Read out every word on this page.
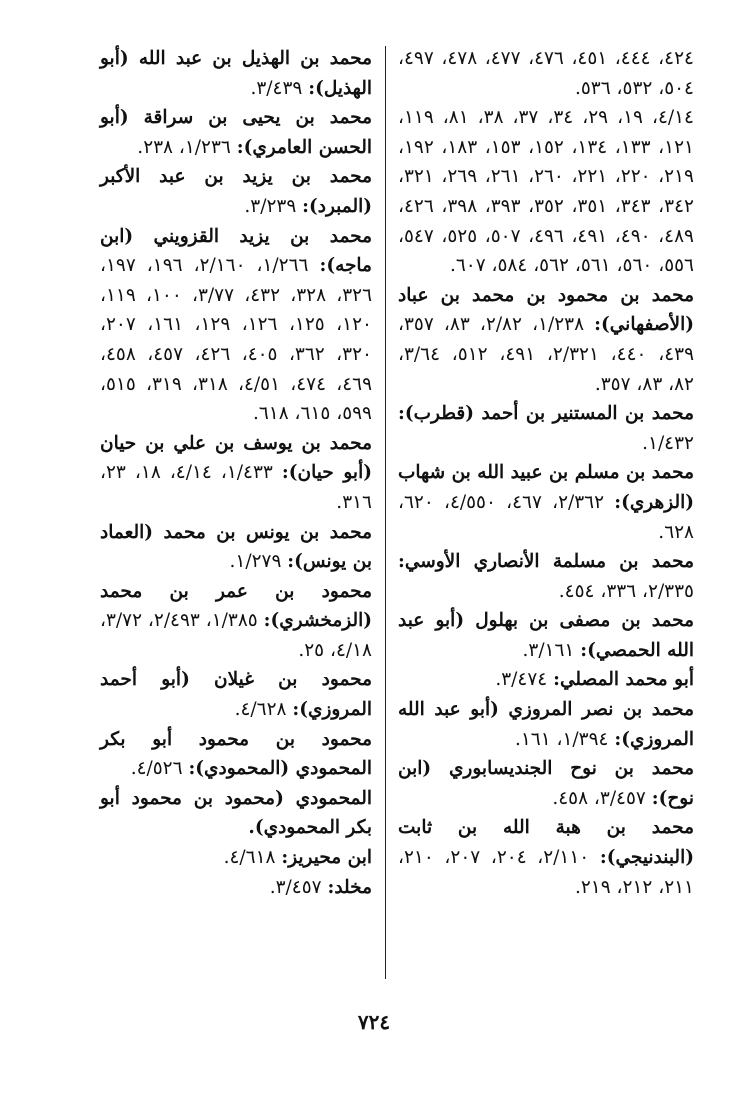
٤٢٤، ٤٤٤، ٤٥١، ٤٧٦، ٤٧٧، ٤٧٨، ٤٩٧، ٥٠٤، ٥٣٢، ٥٣٦.

٤/١٤، ١٩، ٢٩، ٣٤، ٣٧، ٣٨، ٨١، ١١٩، ١٢١، ١٣٣، ١٣٤، ١٥٢، ١٥٣، ١٨٣، ١٩٢، ٢١٩، ٢٢٠، ٢٢١، ٢٦٠، ٢٦١، ٢٦٩، ٣٢١، ٣٤٢، ٣٤٣، ٣٥١، ٣٥٢، ٣٩٣، ٣٩٨، ٤٢٦، ٤٨٩، ٤٩٠، ٤٩١، ٤٩٦، ٥٠٧، ٥٢٥، ٥٤٧، ٥٥٦، ٥٦٠، ٥٦١، ٥٦٢، ٥٨٤، ٦٠٧.

محمد بن محمود بن محمد بن عباد (الأصفهاني): ١/٢٣٨، ٢/٨٢، ٨٣، ٣٥٧، ٤٣٩، ٤٤٠، ٢/٣٢١، ٤٩١، ٥١٢، ٣/٦٤، ٨٢، ٨٣، ٣٥٧.

محمد بن المستنير بن أحمد (قطرب): ١/٤٣٢.

محمد بن مسلم بن عبيد الله بن شهاب (الزهري): ٢/٣٦٢، ٤٦٧، ٤/٥٥٠، ٦٢٠، ٦٢٨.

محمد بن مسلمة الأنصاري الأوسي: ٢/٣٣٥، ٣٣٦، ٤٥٤.

محمد بن مصفى بن بهلول (أبو عبد الله الحمصي): ٣/١٦١.

أبو محمد المصلي: ٣/٤٧٤.

محمد بن نصر المروزي (أبو عبد الله المروزي): ١/٣٩٤، ١٦١.

محمد بن نوح الجنديسابوري (ابن نوح): ٣/٤٥٧، ٤٥٨.

محمد بن هبة الله بن ثابت (البندنيجي): ٢/١١٠، ٢٠٤، ٢٠٧، ٢١٠، ٢١١، ٢١٢، ٢١٩.

محمد بن الهذيل بن عبد الله (أبو الهذيل): ٣/٤٣٩.

محمد بن يحيى بن سراقة (أبو الحسن العامري): ١/٢٣٦، ٢٣٨.

محمد بن يزيد بن عبد الأكبر (المبرد): ٣/٢٣٩.

محمد بن يزيد القزويني (ابن ماجه): ١/٢٦٦، ٢/١٦٠، ١٩٦، ١٩٧، ٣٢٦، ٣٢٨، ٤٣٢، ٣/٧٧، ١٠٠، ١١٩، ١٢٠، ١٢٥، ١٢٦، ١٢٩، ١٦١، ٢٠٧، ٣٢٠، ٣٦٢، ٤٠٥، ٤٢٦، ٤٥٧، ٤٥٨، ٤٦٩، ٤٧٤، ٤/٥١، ٣١٨، ٣١٩، ٥١٥، ٥٩٩، ٦١٥، ٦١٨.

محمد بن يوسف بن علي بن حيان (أبو حيان): ١/٤٣٣، ٤/١٤، ١٨، ٢٣، ٣١٦.

محمد بن يونس بن محمد (العماد بن يونس): ١/٢٧٩.

محمود بن عمر بن محمد (الزمخشري): ١/٣٨٥، ٢/٤٩٣، ٣/٧٢، ٤/١٨، ٢٥.

محمود بن غيلان (أبو أحمد المروزي): ٤/٦٢٨.

محمود بن محمود أبو بكر المحمودي (المحمودي): ٤/٥٢٦.

المحمودي (محمود بن محمود أبو بكر المحمودي).

ابن محيريز: ٤/٦١٨.

مخلد: ٣/٤٥٧.

٧٢٤
